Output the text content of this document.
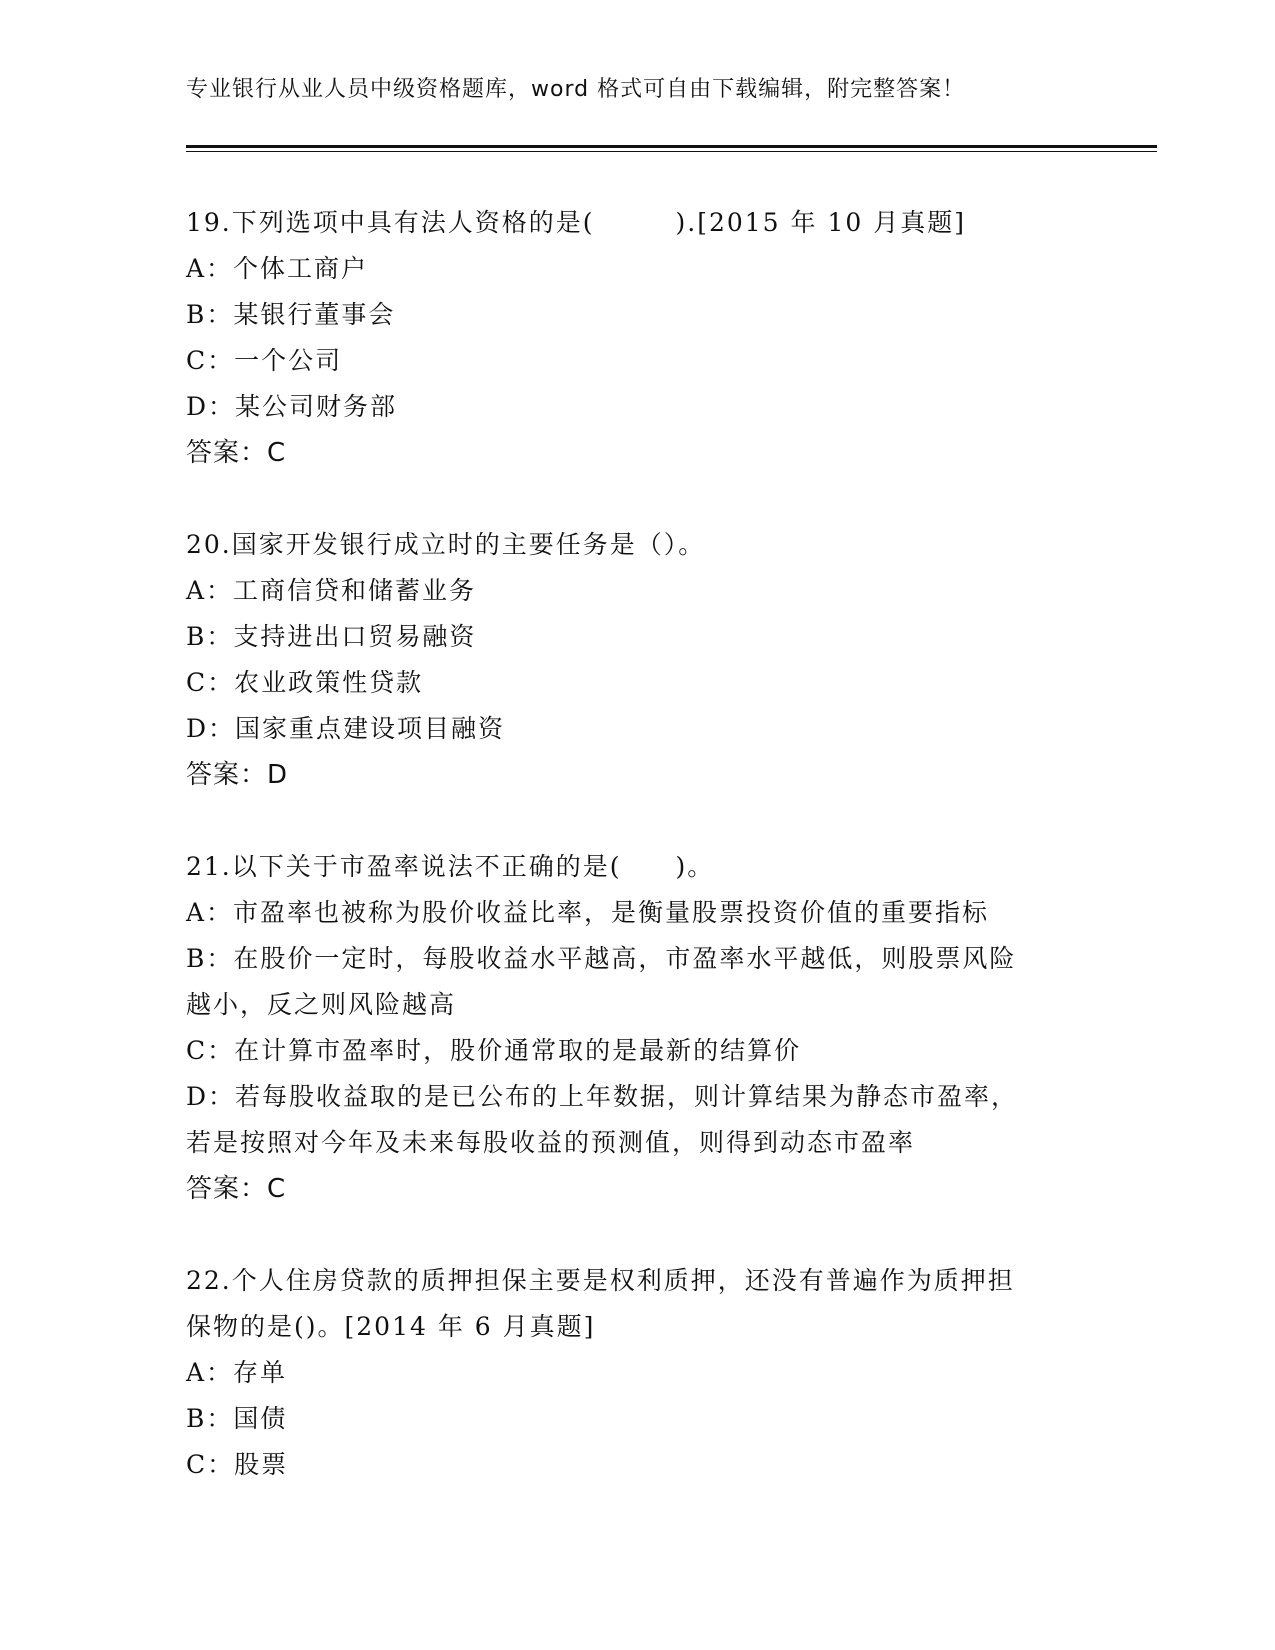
专业银行从业人员中级资格题库，word 格式可自由下载编辑，附完整答案！
19.下列选项中具有法人资格的是(　　　).[2015 年 10 月真题]
A：个体工商户
B：某银行董事会
C：一个公司
D：某公司财务部
答案：C
20.国家开发银行成立时的主要任务是（）。
A：工商信贷和储蓄业务
B：支持进出口贸易融资
C：农业政策性贷款
D：国家重点建设项目融资
答案：D
21.以下关于市盈率说法不正确的是(　　)。
A：市盈率也被称为股价收益比率，是衡量股票投资价值的重要指标
B：在股价一定时，每股收益水平越高，市盈率水平越低，则股票风险
越小，反之则风险越高
C：在计算市盈率时，股价通常取的是最新的结算价
D：若每股收益取的是已公布的上年数据，则计算结果为静态市盈率，
若是按照对今年及未来每股收益的预测值，则得到动态市盈率
答案：C
22.个人住房贷款的质押担保主要是权利质押，还没有普遍作为质押担
保物的是()。[2014 年 6 月真题]
A：存单
B：国债
C：股票
